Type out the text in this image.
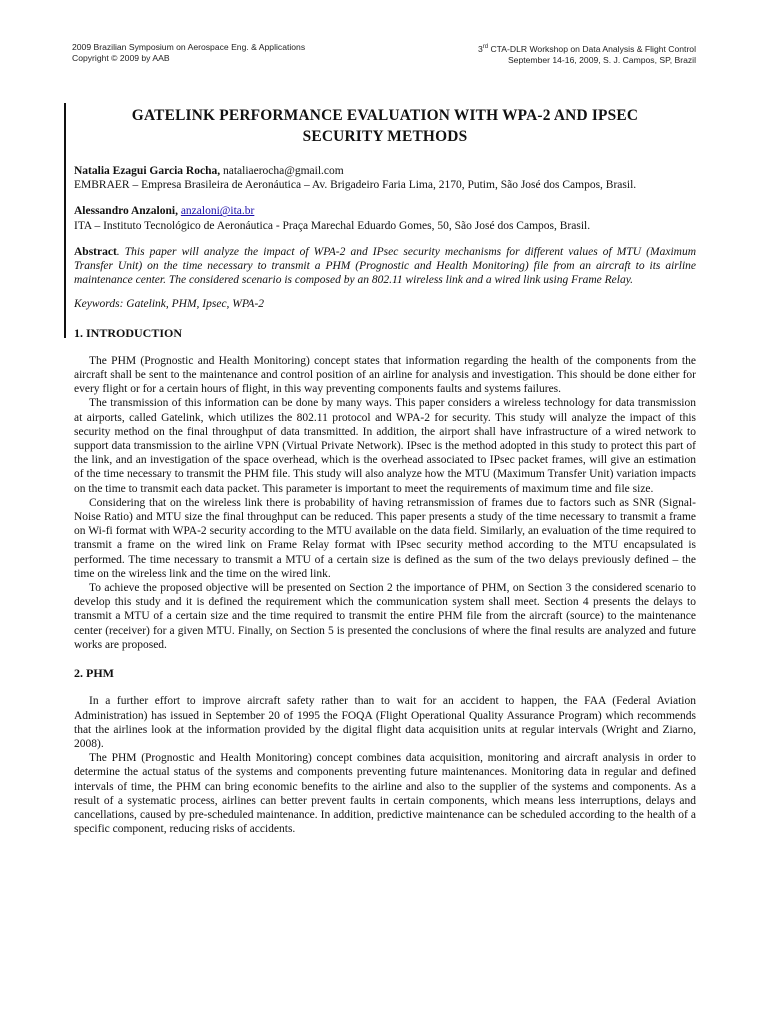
2009 Brazilian Symposium on Aerospace Eng. & Applications
Copyright © 2009 by AAB
3rd CTA-DLR Workshop on Data Analysis & Flight Control
September 14-16, 2009, S. J. Campos, SP, Brazil
GATELINK PERFORMANCE EVALUATION WITH WPA-2 AND IPSEC
SECURITY METHODS
Natalia Ezagui Garcia Rocha, nataliaerocha@gmail.com
EMBRAER – Empresa Brasileira de Aeronáutica – Av. Brigadeiro Faria Lima, 2170, Putim, São José dos Campos, Brasil.
Alessandro Anzaloni, anzaloni@ita.br
ITA – Instituto Tecnológico de Aeronáutica - Praça Marechal Eduardo Gomes, 50, São José dos Campos, Brasil.
Abstract. This paper will analyze the impact of WPA-2 and IPsec security mechanisms for different values of MTU (Maximum Transfer Unit) on the time necessary to transmit a PHM (Prognostic and Health Monitoring) file from an aircraft to its airline maintenance center. The considered scenario is composed by an 802.11 wireless link and a wired link using Frame Relay.
Keywords: Gatelink, PHM, Ipsec, WPA-2
1. INTRODUCTION

The PHM (Prognostic and Health Monitoring) concept states that information regarding the health of the components from the aircraft shall be sent to the maintenance and control position of an airline for analysis and investigation. This should be done either for every flight or for a certain hours of flight, in this way preventing components faults and systems failures.

The transmission of this information can be done by many ways. This paper considers a wireless technology for data transmission at airports, called Gatelink, which utilizes the 802.11 protocol and WPA-2 for security. This study will analyze the impact of this security method on the final throughput of data transmitted. In addition, the airport shall have infrastructure of a wired network to support data transmission to the airline VPN (Virtual Private Network). IPsec is the method adopted in this study to protect this part of the link, and an investigation of the space overhead, which is the overhead associated to IPsec packet frames, will give an estimation of the time necessary to transmit the PHM file. This study will also analyze how the MTU (Maximum Transfer Unit) variation impacts on the time to transmit each data packet. This parameter is important to meet the requirements of maximum time and file size.

Considering that on the wireless link there is probability of having retransmission of frames due to factors such as SNR (Signal-Noise Ratio) and MTU size the final throughput can be reduced. This paper presents a study of the time necessary to transmit a frame on Wi-fi format with WPA-2 security according to the MTU available on the data field. Similarly, an evaluation of the time required to transmit a frame on the wired link on Frame Relay format with IPsec security method according to the MTU encapsulated is performed. The time necessary to transmit a MTU of a certain size is defined as the sum of the two delays previously defined – the time on the wireless link and the time on the wired link.

To achieve the proposed objective will be presented on Section 2 the importance of PHM, on Section 3 the considered scenario to develop this study and it is defined the requirement which the communication system shall meet. Section 4 presents the delays to transmit a MTU of a certain size and the time required to transmit the entire PHM file from the aircraft (source) to the maintenance center (receiver) for a given MTU. Finally, on Section 5 is presented the conclusions of where the final results are analyzed and future works are proposed.

2. PHM

In a further effort to improve aircraft safety rather than to wait for an accident to happen, the FAA (Federal Aviation Administration) has issued in September 20 of 1995 the FOQA (Flight Operational Quality Assurance Program) which recommends that the airlines look at the information provided by the digital flight data acquisition units at regular intervals (Wright and Ziarno, 2008).

The PHM (Prognostic and Health Monitoring) concept combines data acquisition, monitoring and aircraft analysis in order to determine the actual status of the systems and components preventing future maintenances. Monitoring data in regular and defined intervals of time, the PHM can bring economic benefits to the airline and also to the supplier of the systems and components. As a result of a systematic process, airlines can better prevent faults in certain components, which means less interruptions, delays and cancellations, caused by pre-scheduled maintenance. In addition, predictive maintenance can be scheduled according to the health of a specific component, reducing risks of accidents.
